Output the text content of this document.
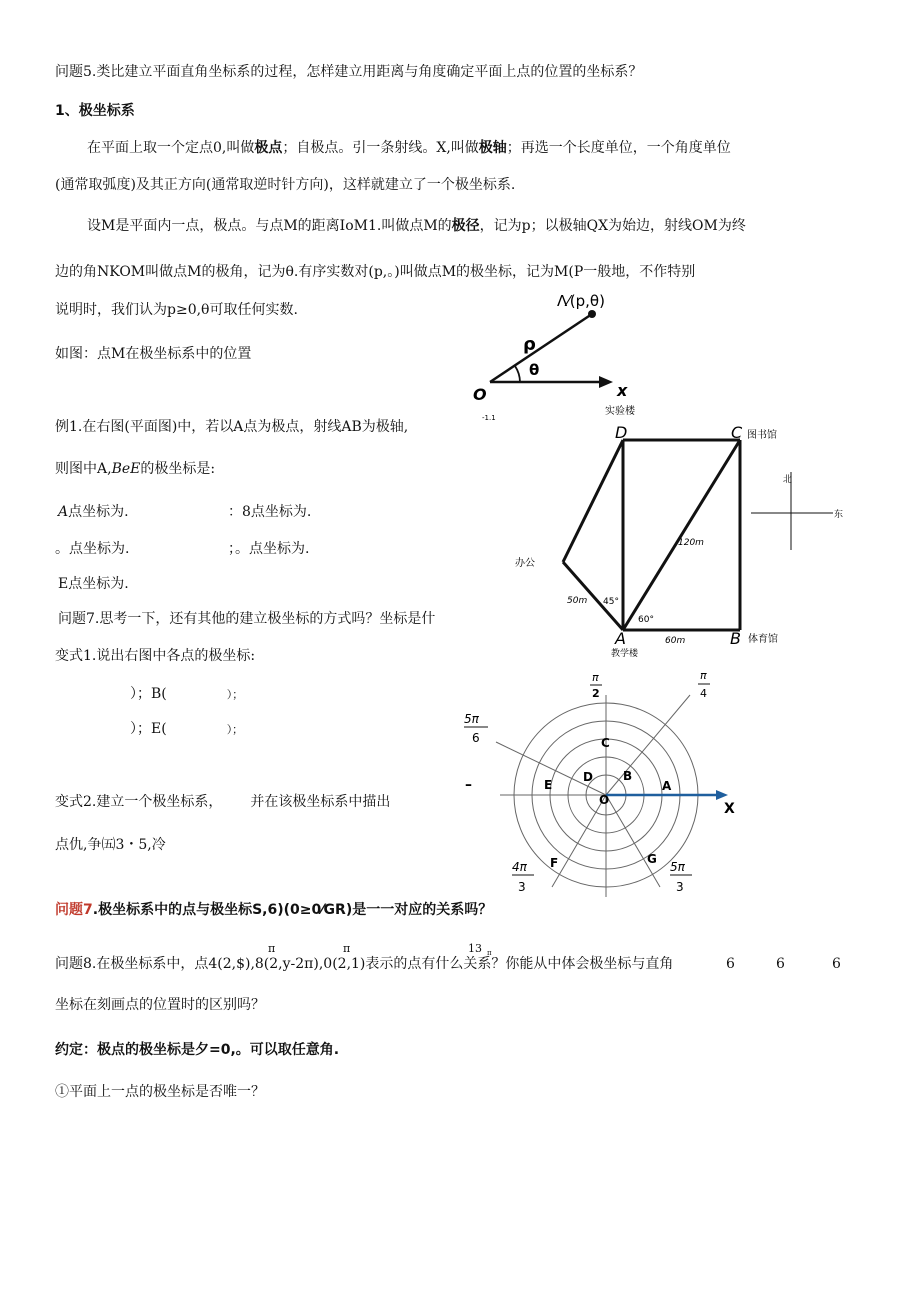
问题5.类比建立平面直角坐标系的过程，怎样建立用距离与角度确定平面上点的位置的坐标系？
1、极坐标系
在平面上取一个定点0,叫做极点；自极点。引一条射线。X,叫做极轴；再选一个长度单位，一个角度单位
(通常取弧度)及其正方向(通常取逆时针方向)，这样就建立了一个极坐标系.
设M是平面内一点，极点。与点M的距离IoM1.叫做点M的极径，记为p；以极轴QX为始边，射线OM为终
边的角NKOM叫做点M的极角，记为θ.有序实数对(p,。)叫做点M的极坐标，记为M(P一般地，不作特别
说明时，我们认为p≥0,θ可取任何实数.
如图：点M在极坐标系中的位置
Λ⁄(p,θ)
ρ
θ
O	x
-1.1
例1.在右图(平面图)中，若以A点为极点，射线AB为极轴,
则图中A,BeE的极坐标是:
A点坐标为.	：8点坐标为.
。点坐标为.	；。点坐标为.
E点坐标为.
问题7.思考一下，还有其他的建立极坐标的方式吗？坐标是什
变式1.说出右图中各点的极坐标:
）；B(	）；
）；E(	）；
变式2.建立一个极坐标系， 并在该极坐标系中描出
点仇,争㈤3・5,冷
实验楼
D	C 图书馆
办公
50m 45°
60°
120m
A
教学楼
60m	B 体育馆
北
东
π
2
π
4
5π
6
–
4π
3
5π
3
C
D	B
E	A
O
F	G
X
问题7.极坐标系中的点与极坐标S,6)(0≥0⁄GR)是一一对应的关系吗？
π	π	13 π
问题8.在极坐标系中，点4(2,$),8(2,y-2π),0(2,1)表示的点有什么关系？你能从中体会极坐标与直角	6	6	6
坐标在刻画点的位置时的区别吗？
约定：极点的极坐标是夕=0,。可以取任意角.
①平面上一点的极坐标是否唯一？
